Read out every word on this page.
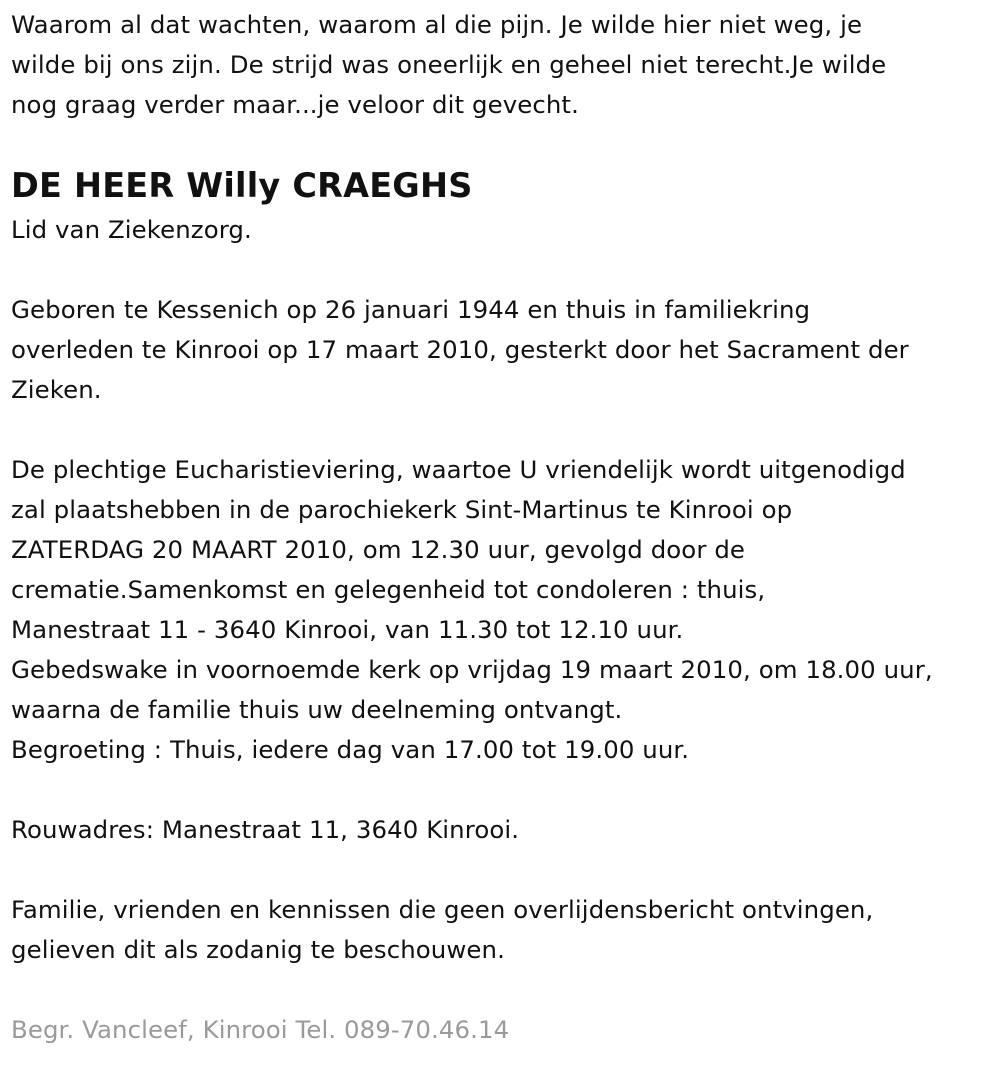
Waarom al dat wachten, waarom al die pijn. Je wilde hier niet weg, je
wilde bij ons zijn. De strijd was oneerlijk en geheel niet terecht.Je wilde
nog graag verder maar...je veloor dit gevecht.
DE HEER Willy CRAEGHS
Lid van Ziekenzorg.
Geboren te Kessenich op 26 januari 1944 en thuis in familiekring
overleden te Kinrooi op 17 maart 2010, gesterkt door het Sacrament der
Zieken.
De plechtige Eucharistieviering, waartoe U vriendelijk wordt uitgenodigd
zal plaatshebben in de parochiekerk Sint-Martinus te Kinrooi op
ZATERDAG 20 MAART 2010, om 12.30 uur, gevolgd door de
crematie.Samenkomst en gelegenheid tot condoleren : thuis,
Manestraat 11 - 3640 Kinrooi, van 11.30 tot 12.10 uur.
Gebedswake in voornoemde kerk op vrijdag 19 maart 2010, om 18.00 uur,
waarna de familie thuis uw deelneming ontvangt.
Begroeting : Thuis, iedere dag van 17.00 tot 19.00 uur.
Rouwadres: Manestraat 11, 3640 Kinrooi.
Familie, vrienden en kennissen die geen overlijdensbericht ontvingen,
gelieven dit als zodanig te beschouwen.
Begr. Vancleef, Kinrooi Tel. 089-70.46.14
